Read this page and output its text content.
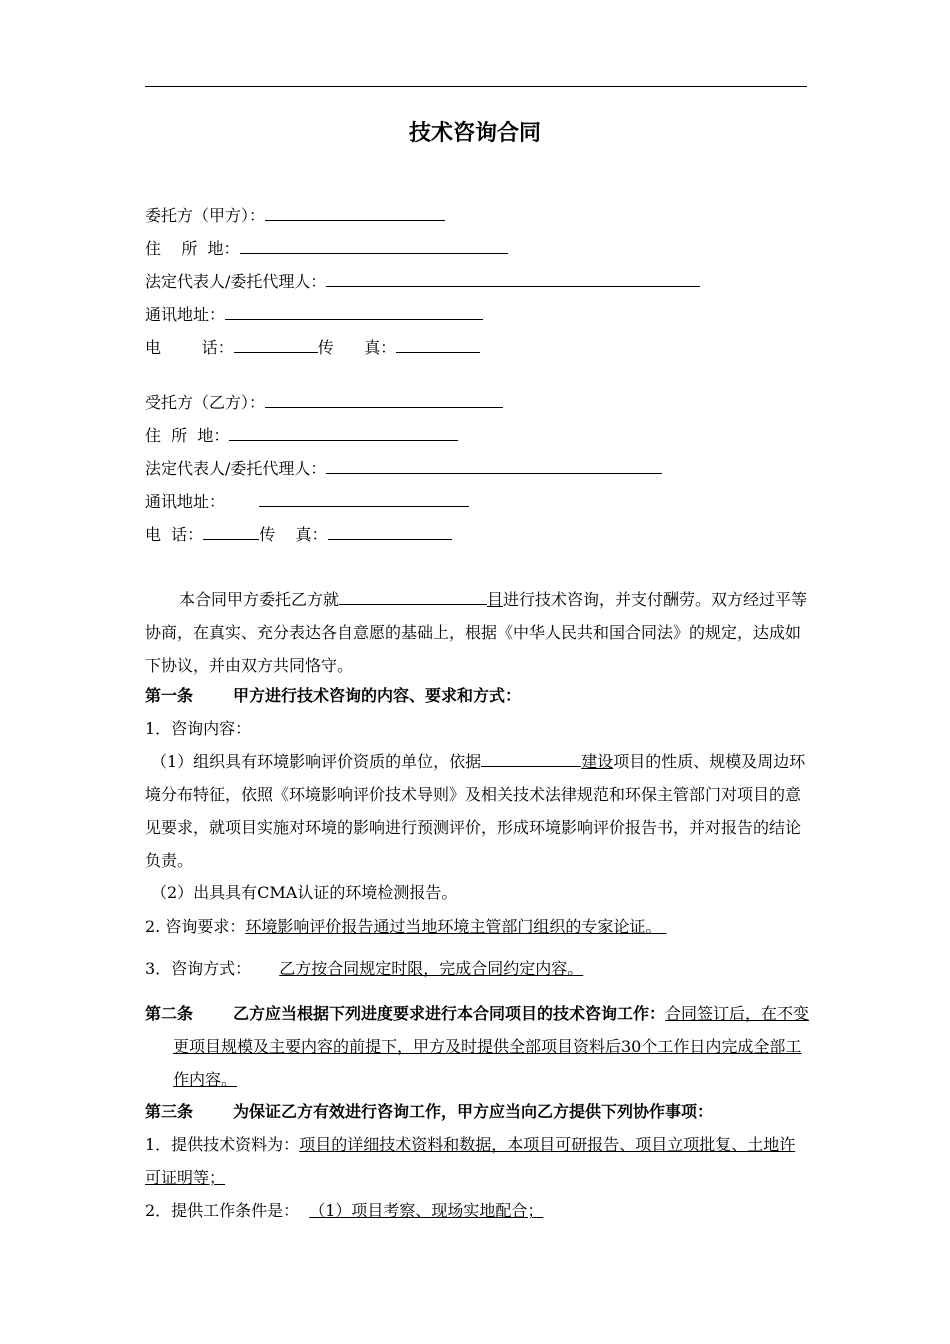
技术咨询合同
委托方（甲方）：
住    所  地：
法定代表人/委托代理人：
通讯地址：
电        话：	传      真：
受托方（乙方）：
住  所  地：
法定代表人/委托代理人：
通讯地址：
电  话：	传    真：
本合同甲方委托乙方就	目进行技术咨询，并支付酬劳。双方经过平等协商，在真实、充分表达各自意愿的基础上，根据《中华人民共和国合同法》的规定，达成如下协议，并由双方共同恪守。
第一条	甲方进行技术咨询的内容、要求和方式：
1．咨询内容：
（1）组织具有环境影响评价资质的单位，依据	建设项目的性质、规模及周边环境分布特征，依照《环境影响评价技术导则》及相关技术法律规范和环保主管部门对项目的意见要求，就项目实施对环境的影响进行预测评价，形成环境影响评价报告书，并对报告的结论负责。
（2）出具具有CMA认证的环境检测报告。
2. 咨询要求：环境影响评价报告通过当地环境主管部门组织的专家论证。
3．咨询方式： 乙方按合同规定时限，完成合同约定内容。
第二条	乙方应当根据下列进度要求进行本合同项目的技术咨询工作：合同签订后，在不变更项目规模及主要内容的前提下，甲方及时提供全部项目资料后30个工作日内完成全部工作内容。
第三条	为保证乙方有效进行咨询工作，甲方应当向乙方提供下列协作事项：
1．提供技术资料为：项目的详细技术资料和数据，本项目可研报告、项目立项批复、土地许可证明等；
2．提供工作条件是： （1）项目考察、现场实地配合；
